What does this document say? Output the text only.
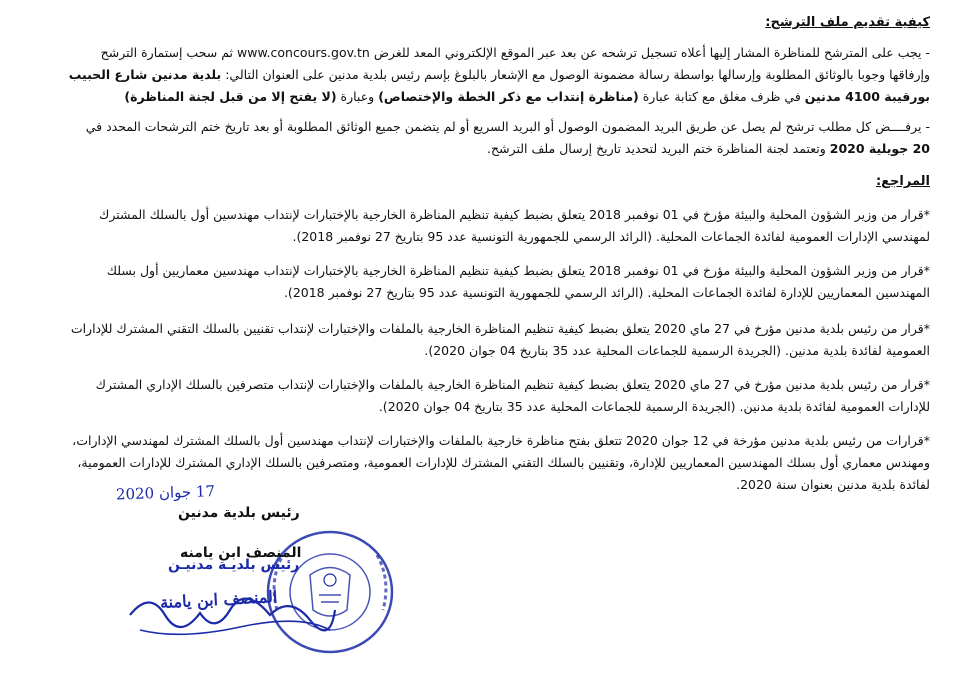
كيفية تقديم ملف الترشح:

- يجب على المترشح للمناظرة المشار إليها أعلاه تسجيل ترشحه عن بعد عبر الموقع الإلكتروني المعد للغرض www.concours.gov.tn ثم سحب إستمارة الترشح

وإرفاقها وجوبا بالوثائق المطلوبة وإرسالها بواسطة رسالة مضمونة الوصول مع الإشعار بالبلوغ بإسم رئيس بلدية مدنين على العنوان التالي: بلدية مدنين شارع الحبيب

بورقيبة 4100 مدنين في ظرف مغلق مع كتابة عبارة (مناظرة إنتداب مع ذكر الخطة والإختصاص) وعبارة (لا يفتح إلا من قبل لجنة المناظرة)

- يرفــــض كل مطلب ترشح لم يصل عن طريق البريد المضمون الوصول أو البريد السريع أو لم يتضمن جميع الوثائق المطلوبة أو بعد تاريخ ختم الترشحات المحدد في

20 جويلية 2020 وتعتمد لجنة المناظرة ختم البريد لتحديد تاريخ إرسال ملف الترشح.

المراجع:

*قرار من وزير الشؤون المحلية والبيئة مؤرخ في 01 نوفمبر 2018 يتعلق بضبط كيفية تنظيم المناظرة الخارجية بالإختبارات لإنتداب مهندسين أول بالسلك المشترك

لمهندسي الإدارات العمومية لفائدة الجماعات المحلية. (الرائد الرسمي للجمهورية التونسية عدد 95 بتاريخ 27 نوفمبر 2018).

*قرار من وزير الشؤون المحلية والبيئة مؤرخ في 01 نوفمبر 2018 يتعلق بضبط كيفية تنظيم المناظرة الخارجية بالإختبارات لإنتداب مهندسين معماريين أول بسلك

المهندسين المعماريين للإدارة لفائدة الجماعات المحلية. (الرائد الرسمي للجمهورية التونسية عدد 95 بتاريخ 27 نوفمبر 2018).

*قرار من رئيس بلدية مدنين مؤرخ في 27 ماي 2020 يتعلق بضبط كيفية تنظيم المناظرة الخارجية بالملفات والإختبارات لإنتداب تقنيين بالسلك التقني المشترك للإدارات

العمومية لفائدة بلدية مدنين. (الجريدة الرسمية للجماعات المحلية عدد 35 بتاريخ 04 جوان 2020).

*قرار من رئيس بلدية مدنين مؤرخ في 27 ماي 2020 يتعلق بضبط كيفية تنظيم المناظرة الخارجية بالملفات والإختبارات لإنتداب متصرفين بالسلك الإداري المشترك

للإدارات العمومية لفائدة بلدية مدنين. (الجريدة الرسمية للجماعات المحلية عدد 35 بتاريخ 04 جوان 2020).

*قرارات من رئيس بلدية مدنين مؤرخة في 12 جوان 2020 تتعلق بفتح مناظرة خارجية بالملفات والإختبارات لإنتداب مهندسين أول بالسلك المشترك لمهندسي الإدارات،

ومهندس معماري أول بسلك المهندسين المعماريين للإدارة، وتقنيين بالسلك التقني المشترك للإدارات العمومية، ومتصرفين بالسلك الإداري المشترك للإدارات العمومية،

لفائدة بلدية مدنين بعنوان سنة 2020.

17 جوان 2020
رئيس بلدية مدنين
المنصف ابن يامنه
رئيس بلديـة مدنيـن
المنصف ابن يامنة
